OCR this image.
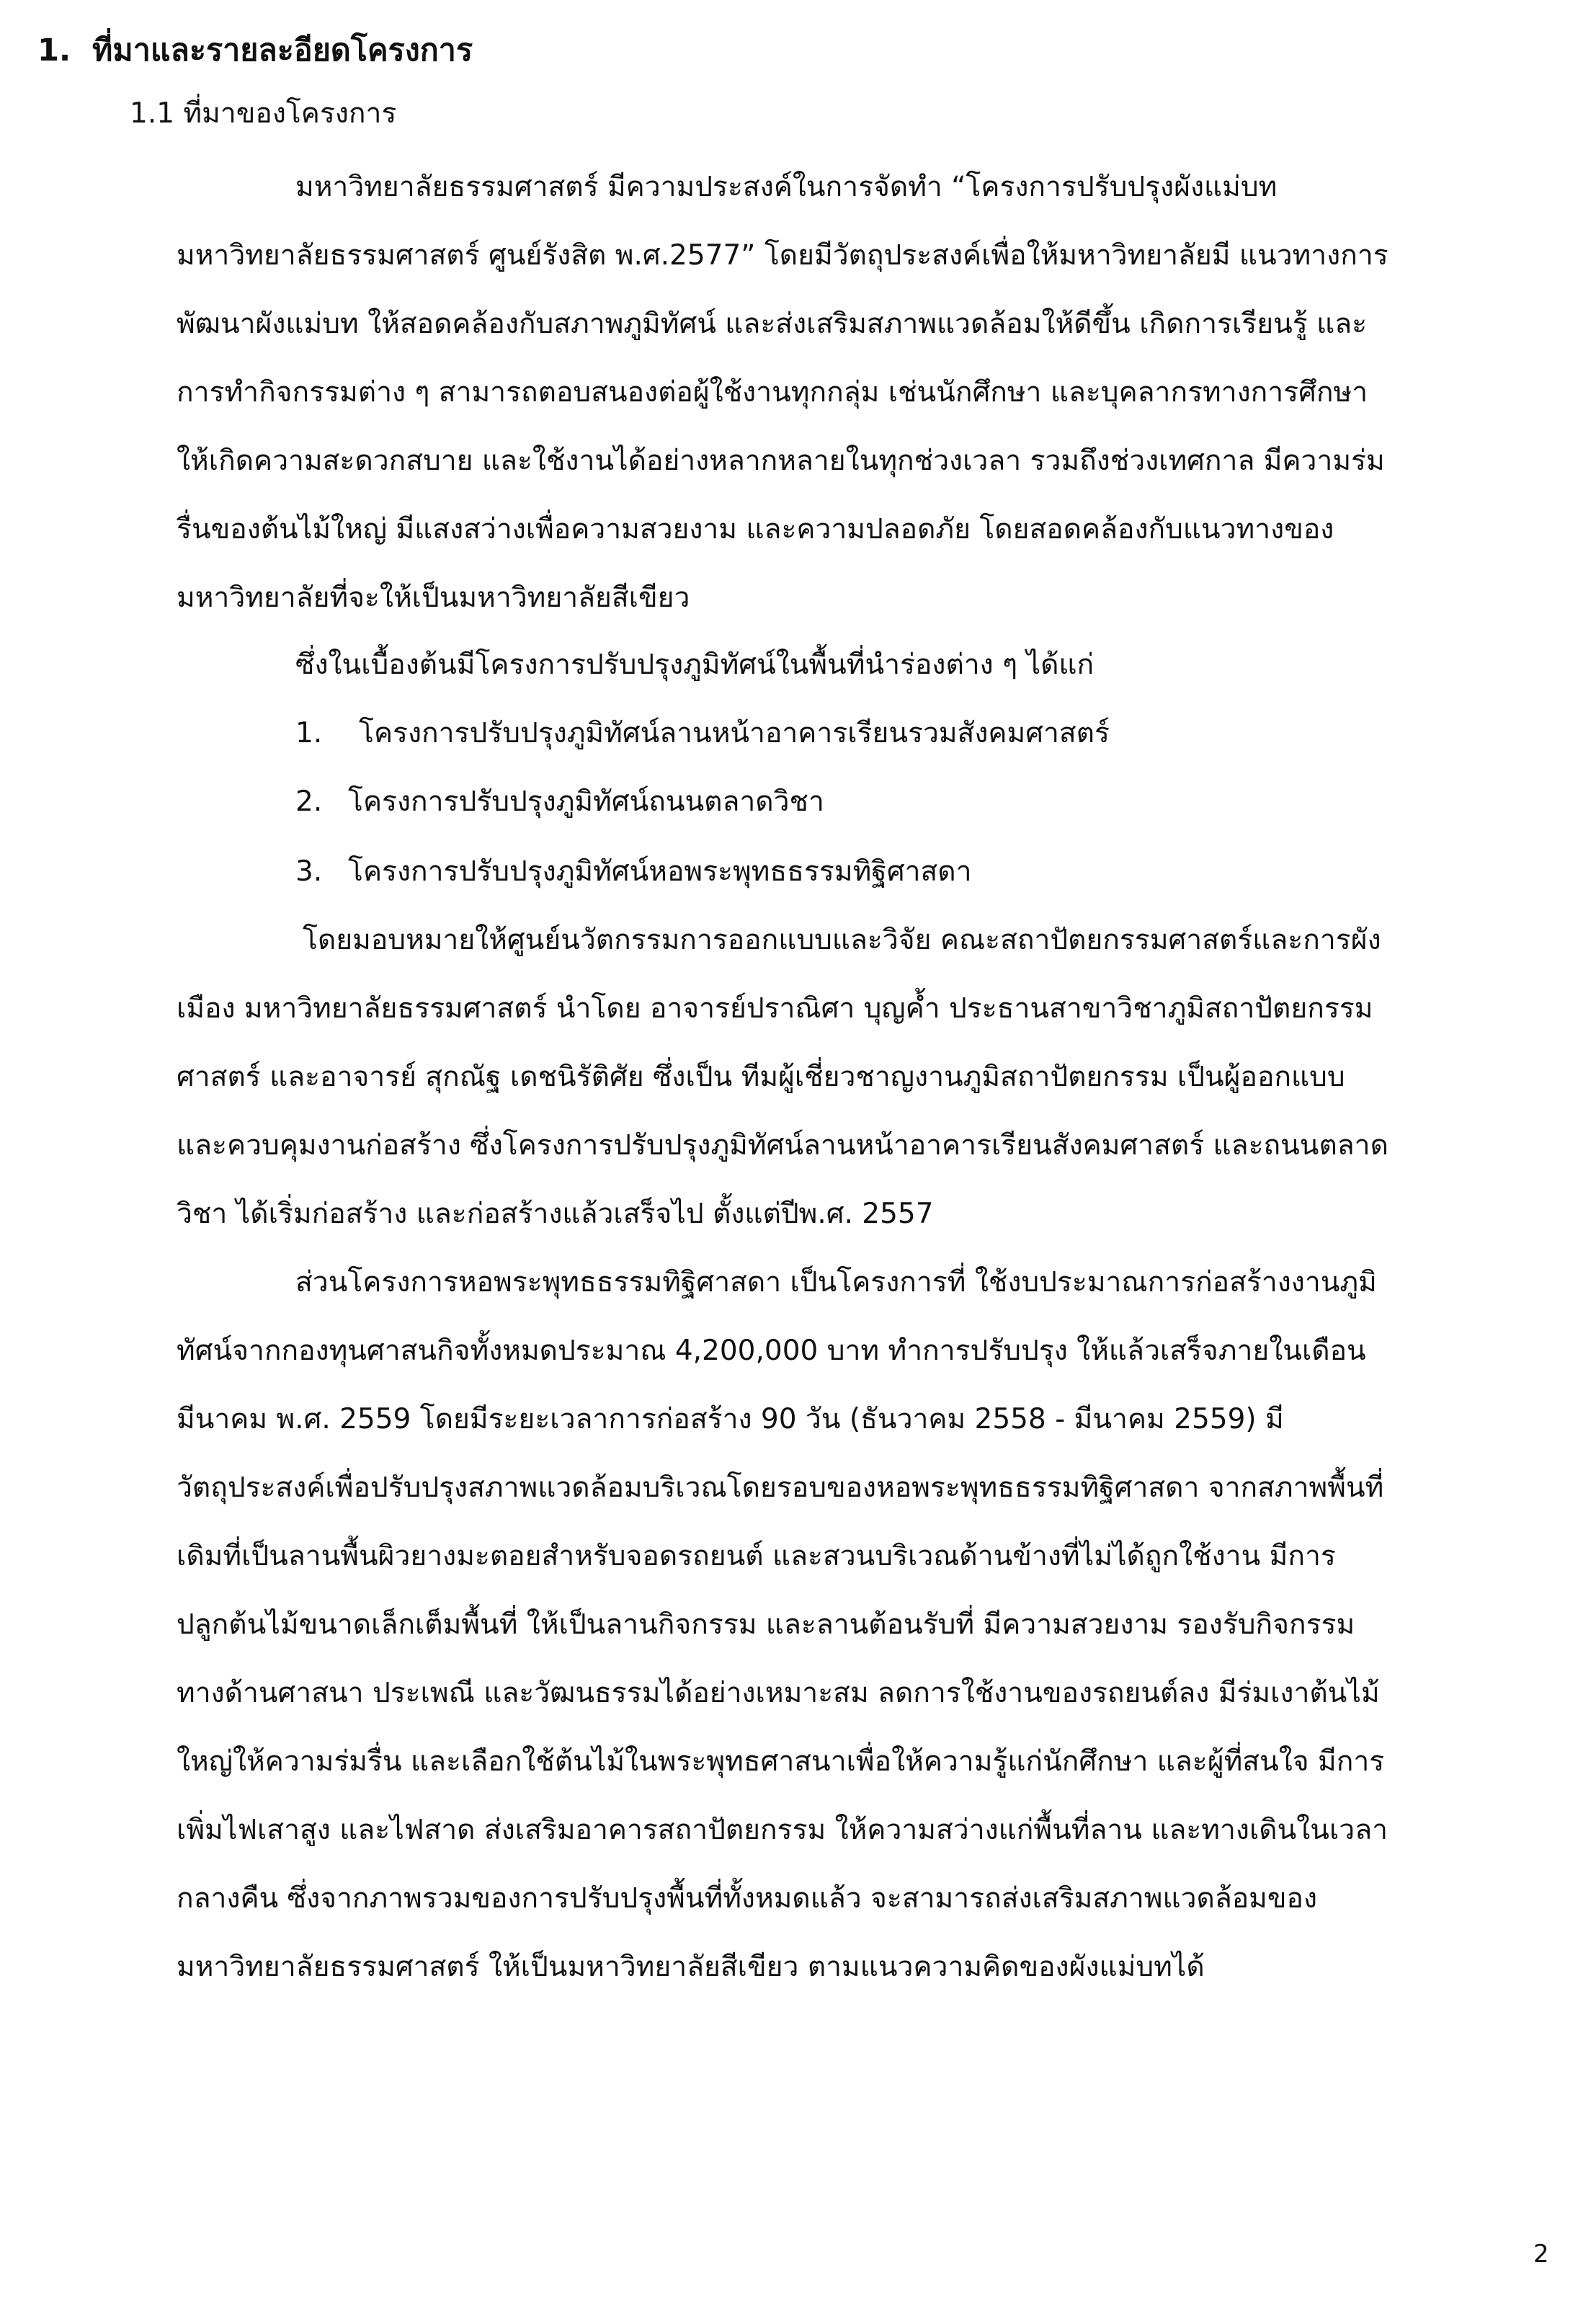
1. ที่มาและรายละอียดโครงการ
1.1 ที่มาของโครงการ
มหาวิทยาลัยธรรมศาสตร์ มีความประสงค์ในการจัดทำ “โครงการปรับปรุงผังแม่บท
มหาวิทยาลัยธรรมศาสตร์ ศูนย์รังสิต พ.ศ.2577” โดยมีวัตถุประสงค์เพื่อให้มหาวิทยาลัยมี แนวทางการ
พัฒนาผังแม่บท ให้สอดคล้องกับสภาพภูมิทัศน์ และส่งเสริมสภาพแวดล้อมให้ดีขึ้น เกิดการเรียนรู้ และ
การทำกิจกรรมต่าง ๆ สามารถตอบสนองต่อผู้ใช้งานทุกกลุ่ม เช่นนักศึกษา และบุคลากรทางการศึกษา
ให้เกิดความสะดวกสบาย และใช้งานได้อย่างหลากหลายในทุกช่วงเวลา รวมถึงช่วงเทศกาล มีความร่ม
รื่นของต้นไม้ใหญ่ มีแสงสว่างเพื่อความสวยงาม และความปลอดภัย โดยสอดคล้องกับแนวทางของ
มหาวิทยาลัยที่จะให้เป็นมหาวิทยาลัยสีเขียว
ซึ่งในเบื้องต้นมีโครงการปรับปรุงภูมิทัศน์ในพื้นที่นำร่องต่าง ๆ ได้แก่
1. โครงการปรับปรุงภูมิทัศน์ลานหน้าอาคารเรียนรวมสังคมศาสตร์
2. โครงการปรับปรุงภูมิทัศน์ถนนตลาดวิชา
3. โครงการปรับปรุงภูมิทัศน์หอพระพุทธธรรมทิฐิศาสดา
โดยมอบหมายให้ศูนย์นวัตกรรมการออกแบบและวิจัย คณะสถาปัตยกรรมศาสตร์และการผัง
เมือง มหาวิทยาลัยธรรมศาสตร์ นำโดย อาจารย์ปราณิศา บุญค้ำ ประธานสาขาวิชาภูมิสถาปัตยกรรม
ศาสตร์ และอาจารย์ สุกณัฐ เดชนิรัติศัย ซึ่งเป็น ทีมผู้เชี่ยวชาญงานภูมิสถาปัตยกรรม เป็นผู้ออกแบบ
และควบคุมงานก่อสร้าง ซึ่งโครงการปรับปรุงภูมิทัศน์ลานหน้าอาคารเรียนสังคมศาสตร์ และถนนตลาด
วิชา ได้เริ่มก่อสร้าง และก่อสร้างแล้วเสร็จไป ตั้งแต่ปีพ.ศ. 2557
ส่วนโครงการหอพระพุทธธรรมทิฐิศาสดา เป็นโครงการที่ ใช้งบประมาณการก่อสร้างงานภูมิ
ทัศน์จากกองทุนศาสนกิจทั้งหมดประมาณ 4,200,000 บาท ทำการปรับปรุง ให้แล้วเสร็จภายในเดือน
มีนาคม พ.ศ. 2559 โดยมีระยะเวลาการก่อสร้าง 90 วัน (ธันวาคม 2558 - มีนาคม 2559) มี
วัตถุประสงค์เพื่อปรับปรุงสภาพแวดล้อมบริเวณโดยรอบของหอพระพุทธธรรมทิฐิศาสดา จากสภาพพื้นที่
เดิมที่เป็นลานพื้นผิวยางมะตอยสำหรับจอดรถยนต์ และสวนบริเวณด้านข้างที่ไม่ได้ถูกใช้งาน มีการ
ปลูกต้นไม้ขนาดเล็กเต็มพื้นที่ ให้เป็นลานกิจกรรม และลานต้อนรับที่ มีความสวยงาม รองรับกิจกรรม
ทางด้านศาสนา ประเพณี และวัฒนธรรมได้อย่างเหมาะสม ลดการใช้งานของรถยนต์ลง มีร่มเงาต้นไม้
ใหญ่ให้ความร่มรื่น และเลือกใช้ต้นไม้ในพระพุทธศาสนาเพื่อให้ความรู้แก่นักศึกษา และผู้ที่สนใจ มีการ
เพิ่มไฟเสาสูง และไฟสาด ส่งเสริมอาคารสถาปัตยกรรม ให้ความสว่างแก่พื้นที่ลาน และทางเดินในเวลา
กลางคืน ซึ่งจากภาพรวมของการปรับปรุงพื้นที่ทั้งหมดแล้ว จะสามารถส่งเสริมสภาพแวดล้อมของ
มหาวิทยาลัยธรรมศาสตร์ ให้เป็นมหาวิทยาลัยสีเขียว ตามแนวความคิดของผังแม่บทได้
2
